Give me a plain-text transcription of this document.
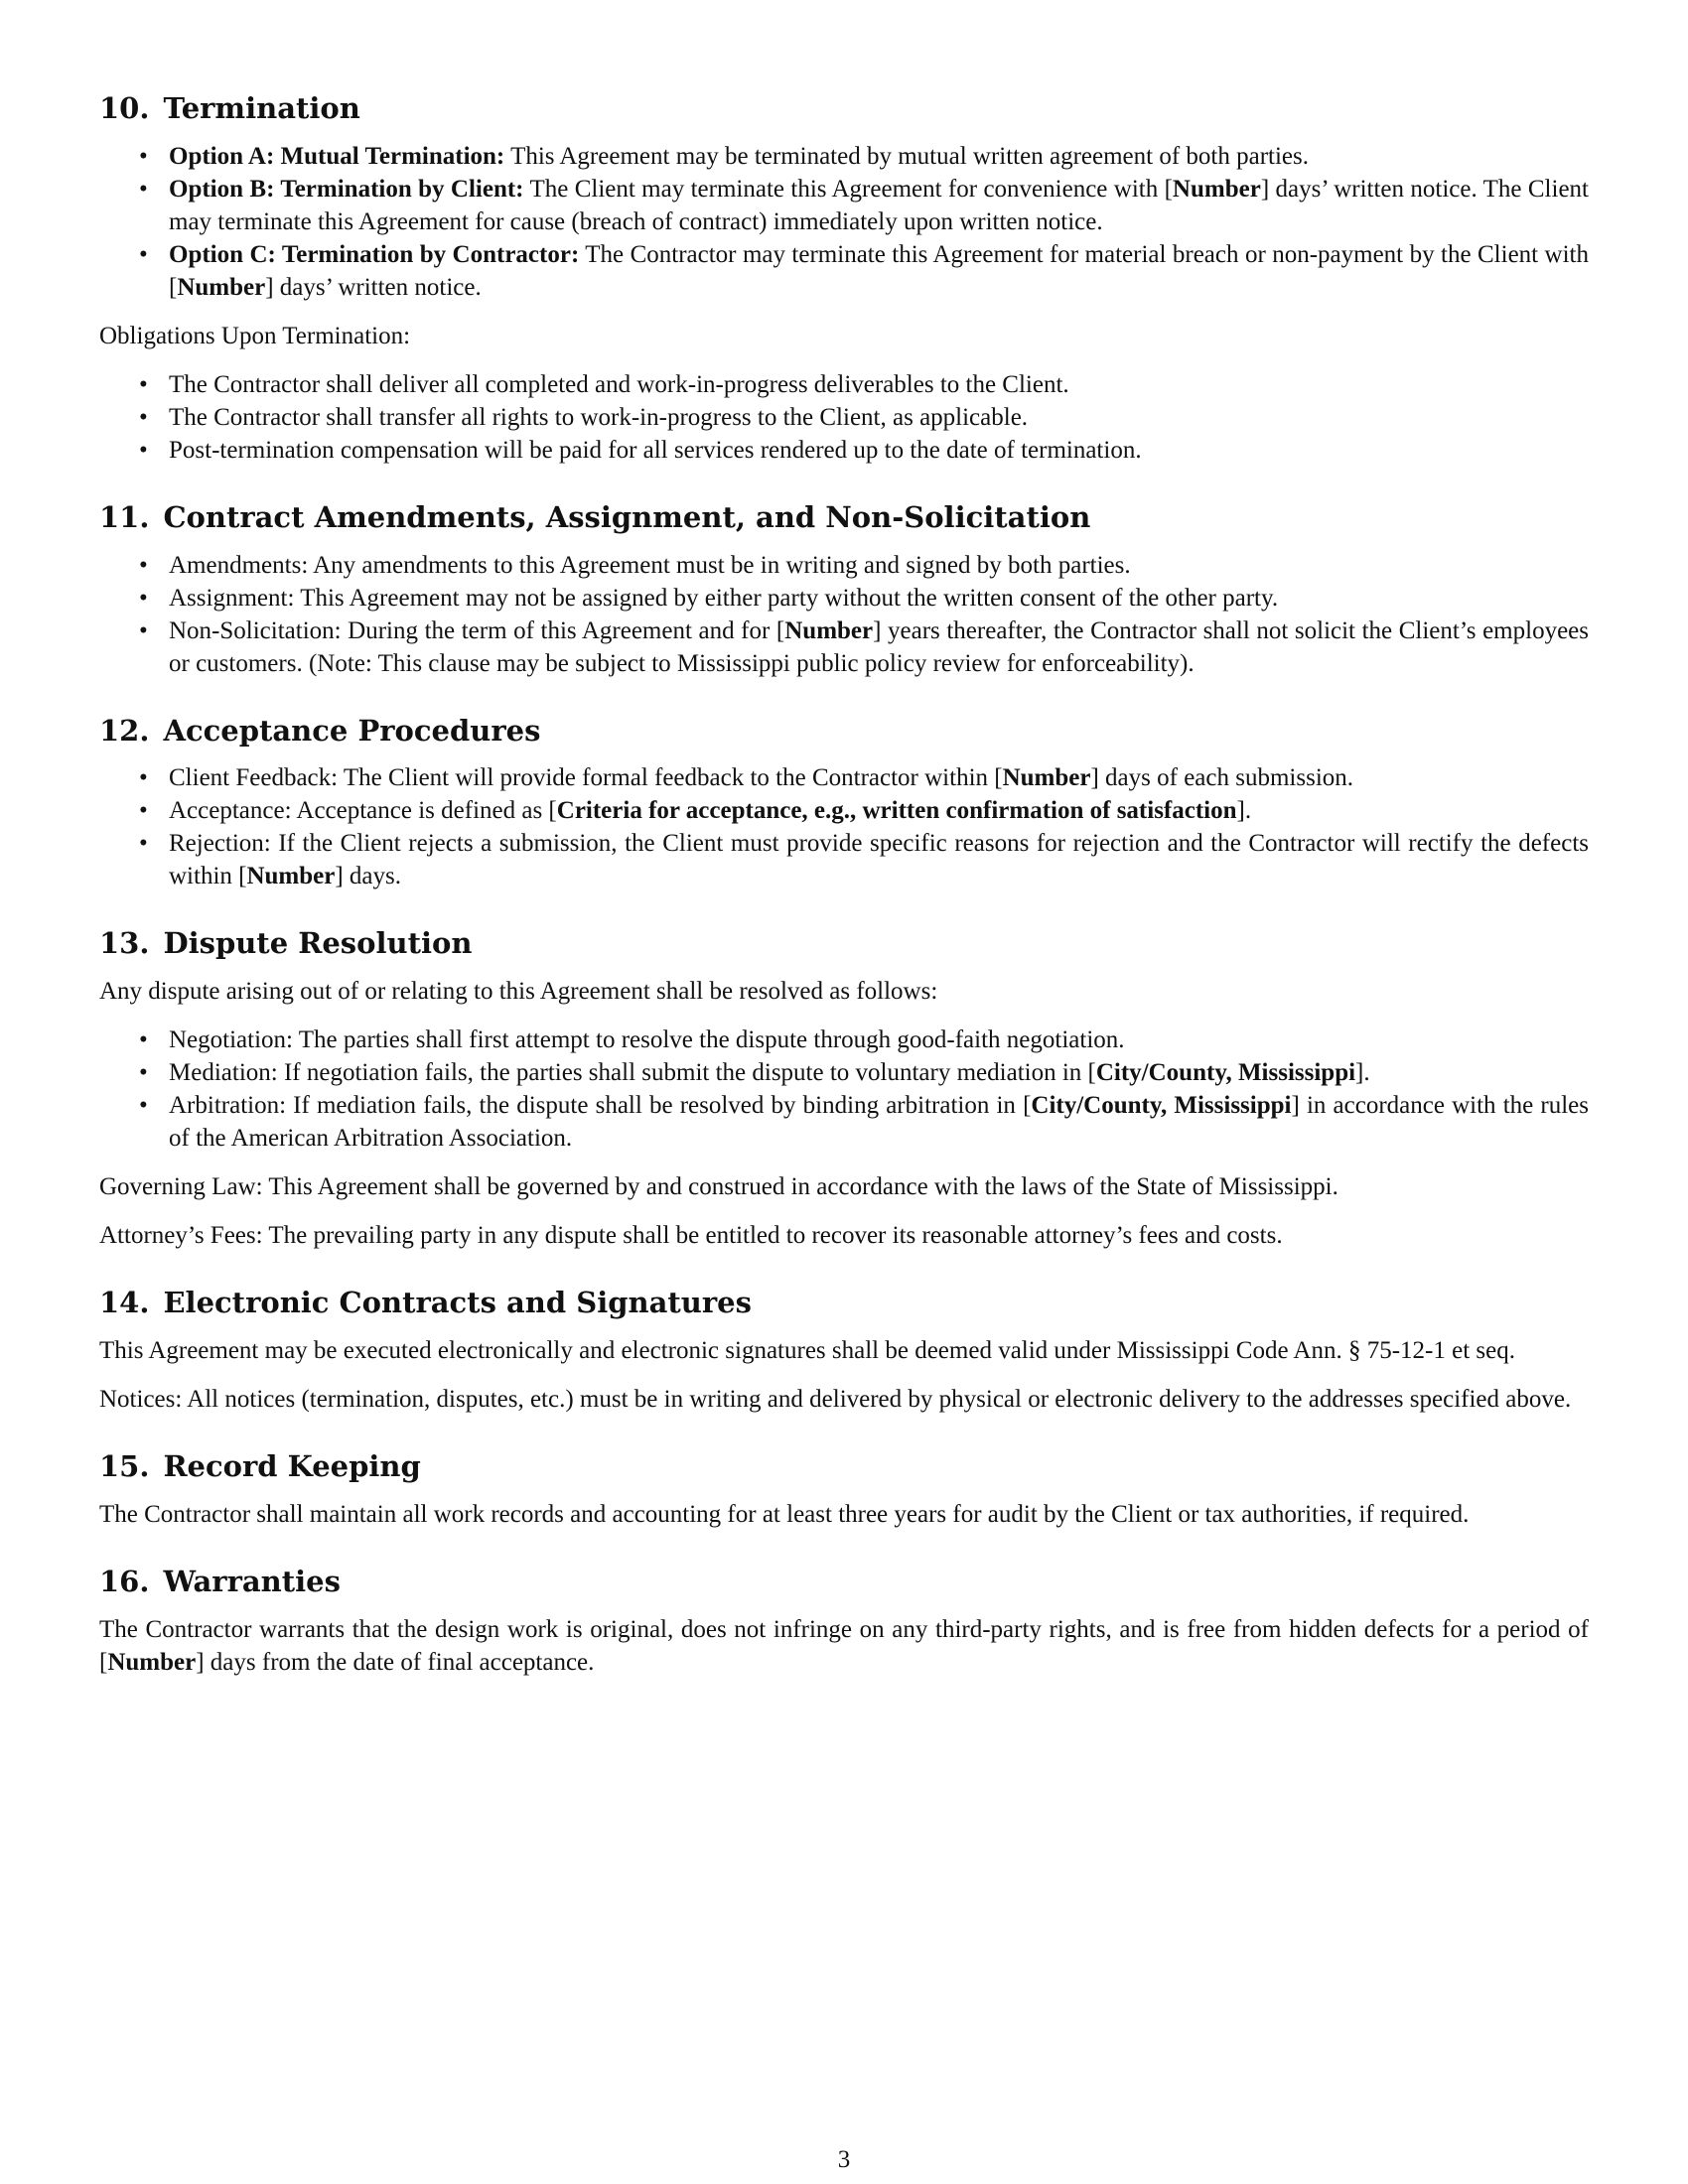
10. Termination
• Option A: Mutual Termination: This Agreement may be terminated by mutual written agreement of both parties.
• Option B: Termination by Client: The Client may terminate this Agreement for convenience with [Number] days’ written notice. The Client may terminate this Agreement for cause (breach of contract) immediately upon written notice.
• Option C: Termination by Contractor: The Contractor may terminate this Agreement for material breach or non-payment by the Client with [Number] days’ written notice.

Obligations Upon Termination:

• The Contractor shall deliver all completed and work-in-progress deliverables to the Client.
• The Contractor shall transfer all rights to work-in-progress to the Client, as applicable.
• Post-termination compensation will be paid for all services rendered up to the date of termination.
11. Contract Amendments, Assignment, and Non-Solicitation
• Amendments: Any amendments to this Agreement must be in writing and signed by both parties.
• Assignment: This Agreement may not be assigned by either party without the written consent of the other party.
• Non-Solicitation: During the term of this Agreement and for [Number] years thereafter, the Contractor shall not solicit the Client’s employees or customers. (Note: This clause may be subject to Mississippi public policy review for enforceability).
12. Acceptance Procedures
• Client Feedback: The Client will provide formal feedback to the Contractor within [Number] days of each submission.
• Acceptance: Acceptance is defined as [Criteria for acceptance, e.g., written confirmation of satisfaction].
• Rejection: If the Client rejects a submission, the Client must provide specific reasons for rejection and the Contractor will rectify the defects within [Number] days.
13. Dispute Resolution

Any dispute arising out of or relating to this Agreement shall be resolved as follows:

• Negotiation: The parties shall first attempt to resolve the dispute through good-faith negotiation.
• Mediation: If negotiation fails, the parties shall submit the dispute to voluntary mediation in [City/County, Mississippi].
• Arbitration: If mediation fails, the dispute shall be resolved by binding arbitration in [City/County, Mississippi] in accordance with the rules of the American Arbitration Association.

Governing Law: This Agreement shall be governed by and construed in accordance with the laws of the State of Mississippi.

Attorney’s Fees: The prevailing party in any dispute shall be entitled to recover its reasonable attorney’s fees and costs.

14. Electronic Contracts and Signatures

This Agreement may be executed electronically and electronic signatures shall be deemed valid under Mississippi Code Ann. § 75-12-1 et seq.

Notices: All notices (termination, disputes, etc.) must be in writing and delivered by physical or electronic delivery to the addresses specified above.

15. Record Keeping

The Contractor shall maintain all work records and accounting for at least three years for audit by the Client or tax authorities, if required.

16. Warranties

The Contractor warrants that the design work is original, does not infringe on any third-party rights, and is free from hidden defects for a period of [Number] days from the date of final acceptance.

3
